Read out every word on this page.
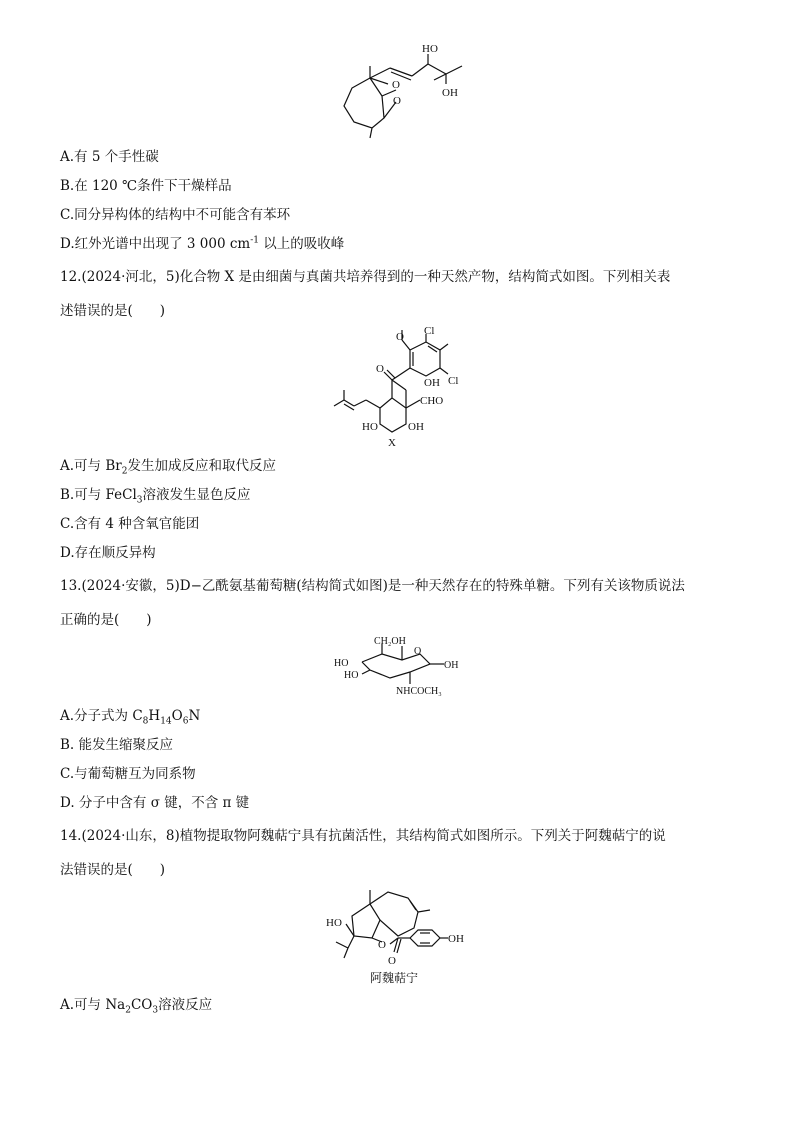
HO
OH
O
O
A.有 5 个手性碳
B.在 120 ℃条件下干燥样品
C.同分异构体的结构中不可能含有苯环
D.红外光谱中出现了 3 000 $cm^{-1}$ 以上的吸收峰
12.(2024·河北，5)化合物 X 是由细菌与真菌共培养得到的一种天然产物，结构简式如图。下列相关表
述错误的是(　　)
O Cl
O
Cl
OH
CHO
HO	OH
X
A.可与 $Br_2$发生加成反应和取代反应
B.可与 FeCl$_3$溶液发生显色反应
C.含有 4 种含氧官能团
D.存在顺反异构
13.(2024·安徽，5)D−乙酰氨基葡萄糖(结构简式如图)是一种天然存在的特殊单糖。下列有关该物质说法
正确的是(　　)
CH₂OH
O
HO	OH
HO
NHCOCH₃
A.分子式为 $C_8H_{14}O_6N$
B. 能发生缩聚反应
C.与葡萄糖互为同系物
D. 分子中含有 σ 键，不含 π 键
14.(2024·山东，8)植物提取物阿魏萜宁具有抗菌活性，其结构简式如图所示。下列关于阿魏萜宁的说
法错误的是(　　)
HO
O
O
OH
阿魏萜宁
A.可与 $Na_2CO_3$溶液反应
